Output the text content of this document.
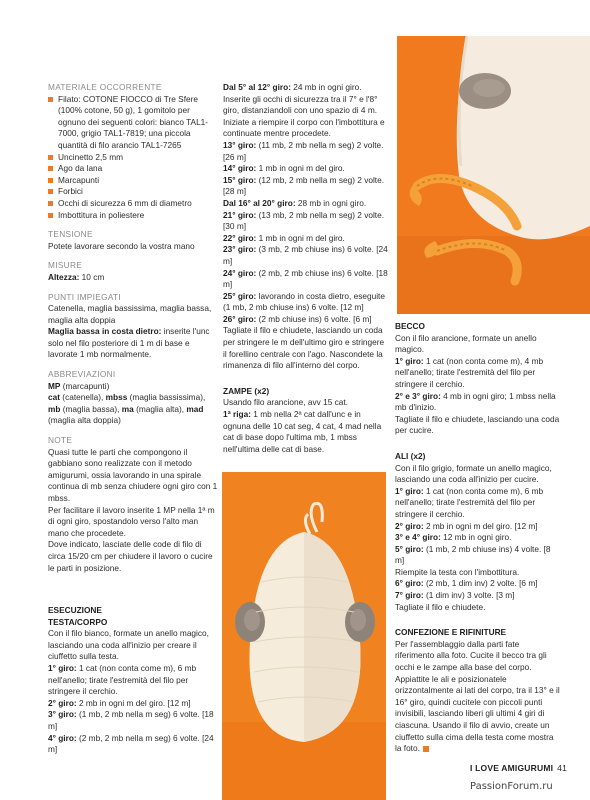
MATERIALE OCCORRENTE

Filato: COTONE FIOCCO di Tre Sfere (100% cotone, 50 g), 1 gomitolo per ognuno dei seguenti colori: bianco TAL1-7000, grigio TAL1-7819; una piccola quantità di filo arancio TAL1-7265

Uncinetto 2,5 mm

Ago da lana

Marcapunti

Forbici

Occhi di sicurezza 6 mm di diametro

Imbottitura in poliestere

TENSIONE

Potete lavorare secondo la vostra mano

MISURE

Altezza: 10 cm

PUNTI IMPIEGATI

Catenella, maglia bassissima, maglia bassa, maglia alta doppia

Maglia bassa in costa dietro: inserite l'unc solo nel filo posteriore di 1 m di base e lavorate 1 mb normalmente.

ABBREVIAZIONI

MP (marcapunti)

cat (catenella), mbss (maglia bassissima), mb (maglia bassa), ma (maglia alta), mad (maglia alta doppia)

NOTE

Quasi tutte le parti che compongono il gabbiano sono realizzate con il metodo amigurumi, ossia lavorando in una spirale continua di mb senza chiudere ogni giro con 1 mbss.

Per facilitare il lavoro inserite 1 MP nella 1ª m di ogni giro, spostandolo verso l'alto man mano che procedete.

Dove indicato, lasciate delle code di filo di circa 15/20 cm per chiudere il lavoro o cucire le parti in posizione.

ESECUZIONE
TESTA/CORPO

Con il filo bianco, formate un anello magico, lasciando una coda all'inizio per creare il ciuffetto sulla testa.

1° giro: 1 cat (non conta come m), 6 mb nell'anello; tirate l'estremità del filo per stringere il cerchio.

2° giro: 2 mb in ogni m del giro. [12 m]

3° giro: (1 mb, 2 mb nella m seg) 6 volte. [18 m]

4° giro: (2 mb, 2 mb nella m seg) 6 volte. [24 m]

Dal 5° al 12° giro: 24 mb in ogni giro.

Inserite gli occhi di sicurezza tra il 7° e l'8° giro, distanziandoli con uno spazio di 4 m. Iniziate a riempire il corpo con l'imbottitura e continuate mentre procedete.

13° giro: (11 mb, 2 mb nella m seg) 2 volte. [26 m]

14° giro: 1 mb in ogni m del giro.

15° giro: (12 mb, 2 mb nella m seg) 2 volte. [28 m]

Dal 16° al 20° giro: 28 mb in ogni giro.

21° giro: (13 mb, 2 mb nella m seg) 2 volte. [30 m]

22° giro: 1 mb in ogni m del giro.

23° giro: (3 mb, 2 mb chiuse ins) 6 volte. [24 m]

24° giro: (2 mb, 2 mb chiuse ins) 6 volte. [18 m]

25° giro: lavorando in costa dietro, eseguite (1 mb, 2 mb chiuse ins) 6 volte. [12 m]

26° giro: (2 mb chiuse ins) 6 volte. [6 m]

Tagliate il filo e chiudete, lasciando un coda per stringere le m dell'ultimo giro e stringere il forellino centrale con l'ago. Nascondete la rimanenza di filo all'interno del corpo.

ZAMPE (x2)

Usando filo arancione, avv 15 cat.

1ª riga: 1 mb nella 2ª cat dall'unc e in ognuna delle 10 cat seg, 4 cat, 4 mad nella cat di base dopo l'ultima mb, 1 mbss nell'ultima delle cat di base.

BECCO

Con il filo arancione, formate un anello magico.

1° giro: 1 cat (non conta come m), 4 mb nell'anello; tirate l'estremità del filo per stringere il cerchio.

2° e 3° giro: 4 mb in ogni giro; 1 mbss nella mb d'inizio.

Tagliate il filo e chiudete, lasciando una coda per cucire.

ALI (x2)

Con il filo grigio, formate un anello magico, lasciando una coda all'inizio per cucire.

1° giro: 1 cat (non conta come m), 6 mb nell'anello; tirate l'estremità del filo per stringere il cerchio.

2° giro: 2 mb in ogni m del giro. [12 m]

3° e 4° giro: 12 mb in ogni giro.

5° giro: (1 mb, 2 mb chiuse ins) 4 volte. [8 m]

Riempite la testa con l'imbottitura.

6° giro: (2 mb, 1 dim inv) 2 volte. [6 m]

7° giro: (1 dim inv) 3 volte. [3 m]

Tagliate il filo e chiudete.

CONFEZIONE E RIFINITURE

Per l'assemblaggio dalla parti fate riferimento alla foto. Cucite il becco tra gli occhi e le zampe alla base del corpo. Appiattite le ali e posizionatele orizzontalmente ai lati del corpo, tra il 13° e il 16° giro, quindi cucitele con piccoli punti invisibili, lasciando liberi gli ultimi 4 giri di ciascuna. Usando il filo di avvio, create un ciuffetto sulla cima della testa come mostra la foto.

I LOVE AMIGURUMI 41
PassionForum.ru
